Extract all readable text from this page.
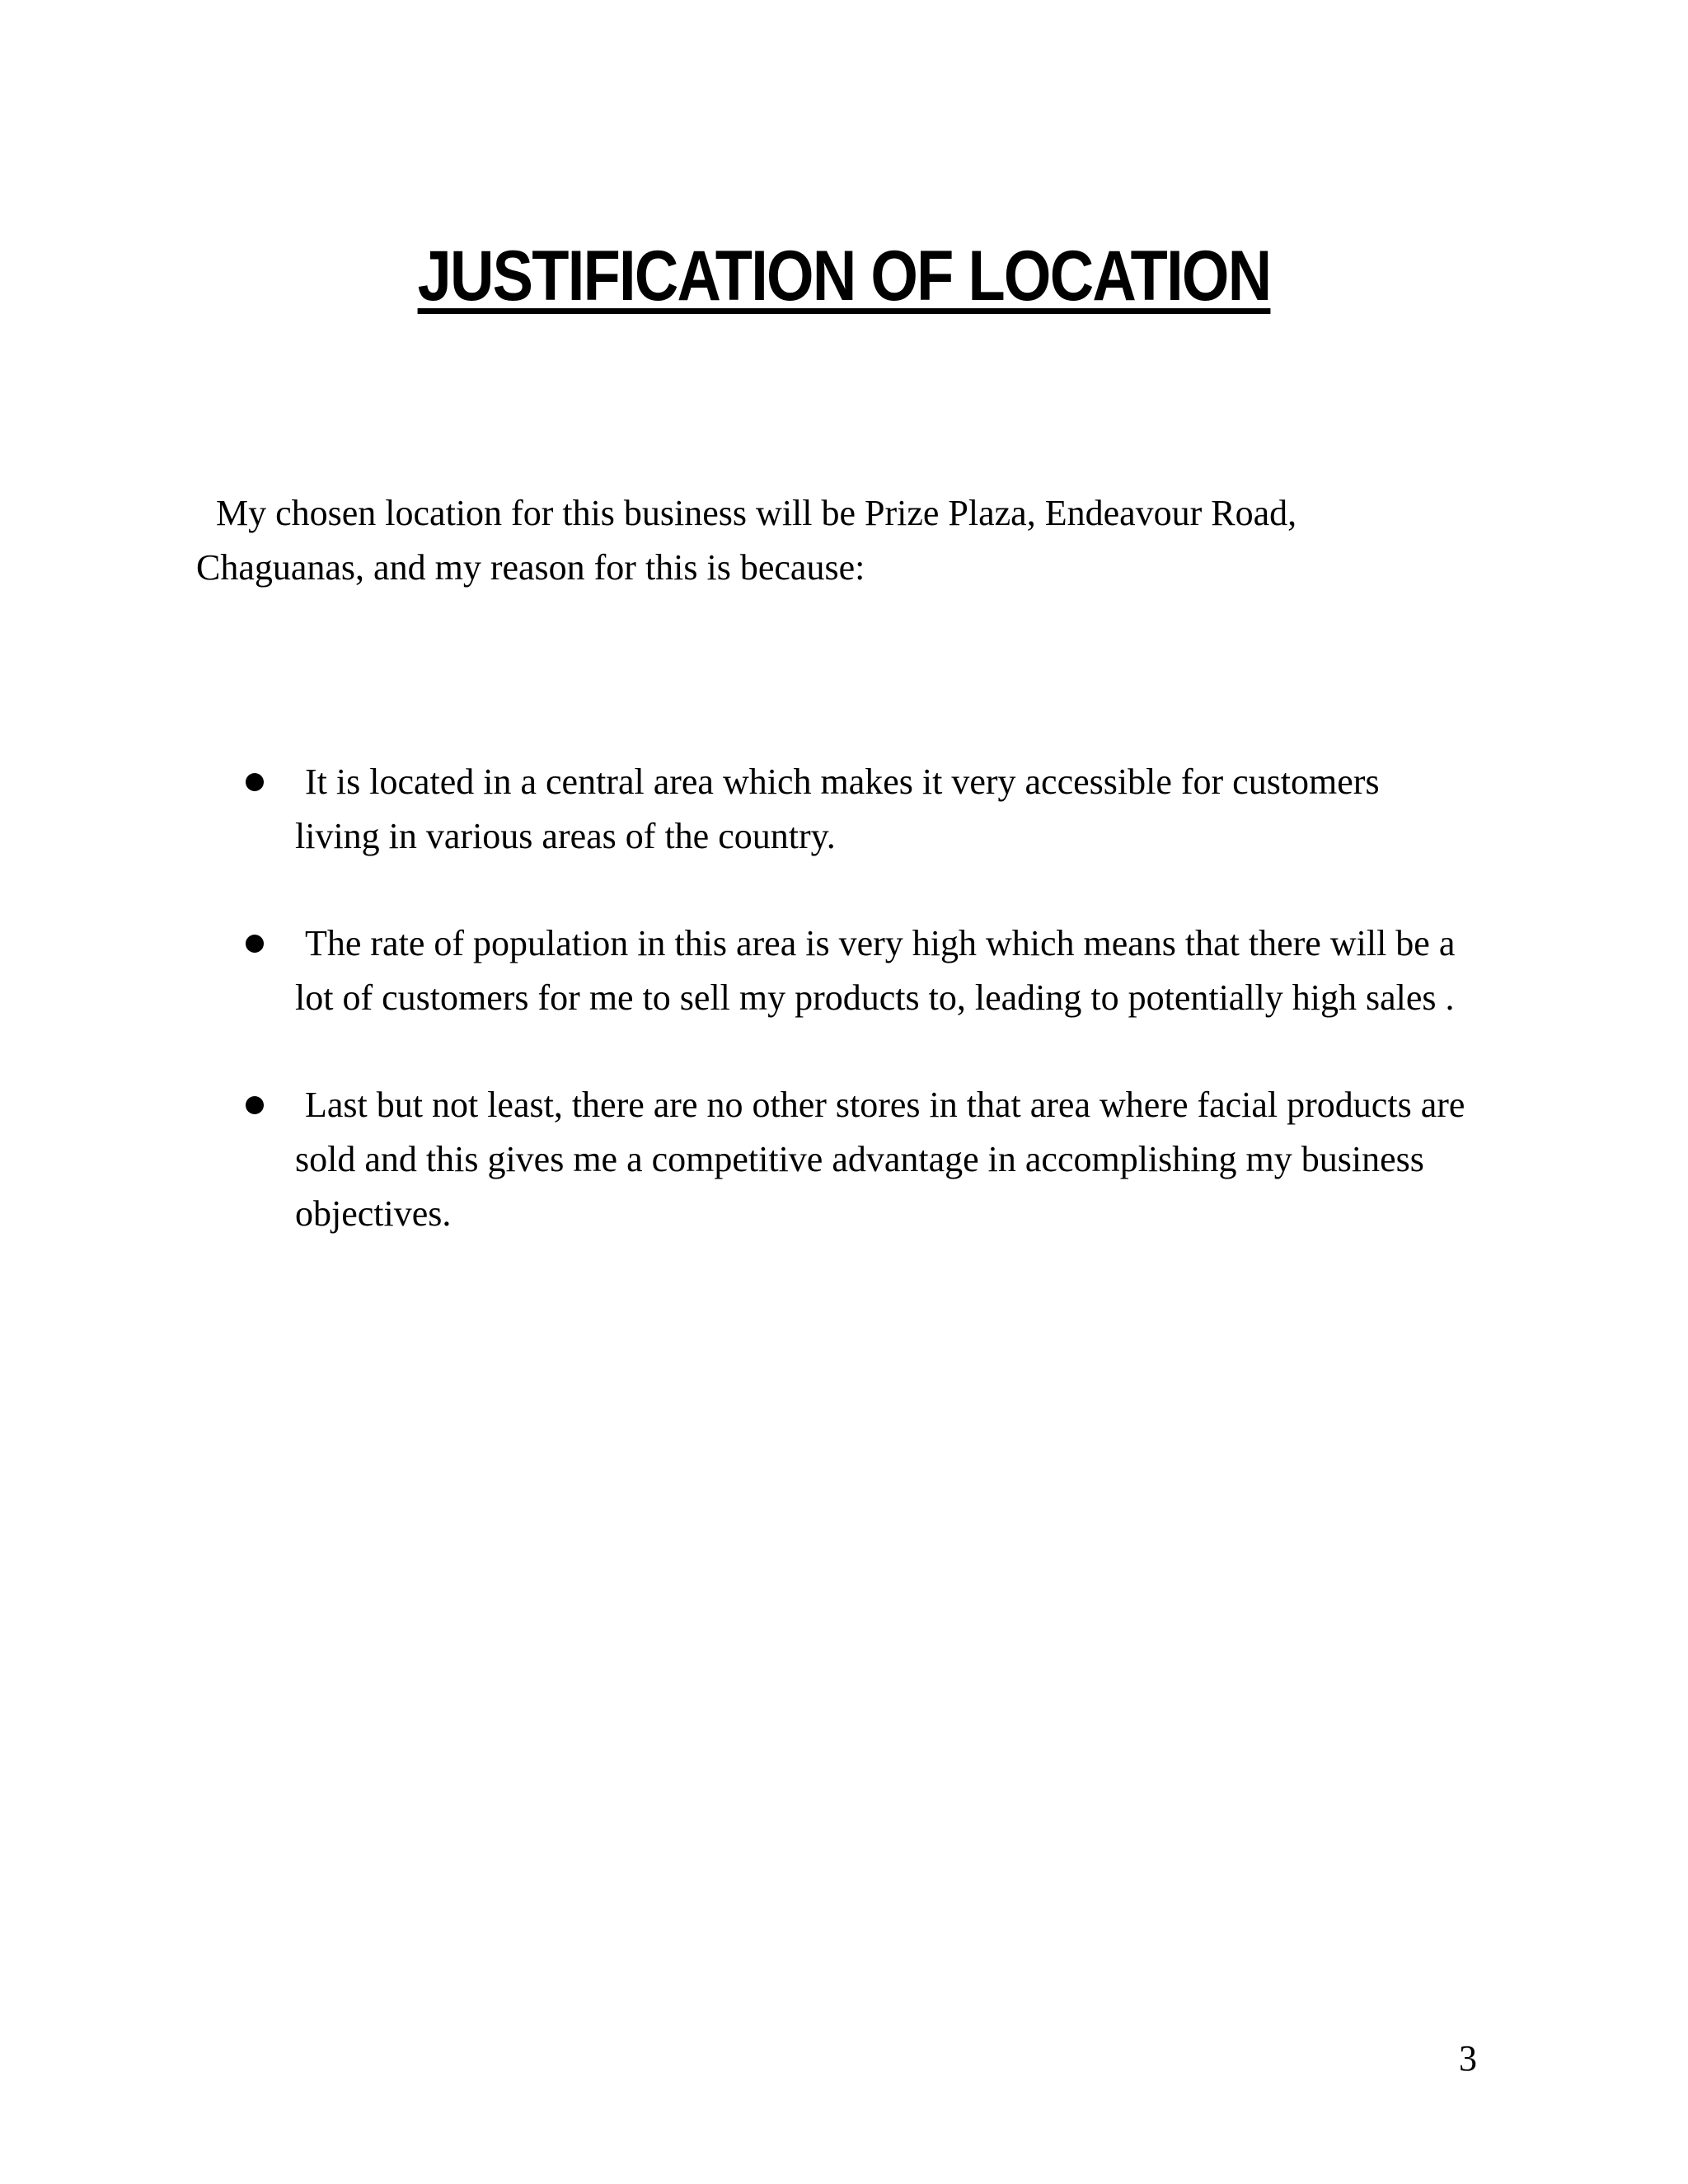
JUSTIFICATION OF LOCATION

My chosen location for this business will be Prize Plaza, Endeavour Road, Chaguanas, and my reason for this is because:

It is located in a central area which makes it very accessible for customers living in various areas of the country.
The rate of population in this area is very high which means that there will be a lot of customers for me to sell my products to, leading to potentially high sales .
Last but not least, there are no other stores in that area where facial products are sold and this gives me a competitive advantage in accomplishing my business objectives.
3
